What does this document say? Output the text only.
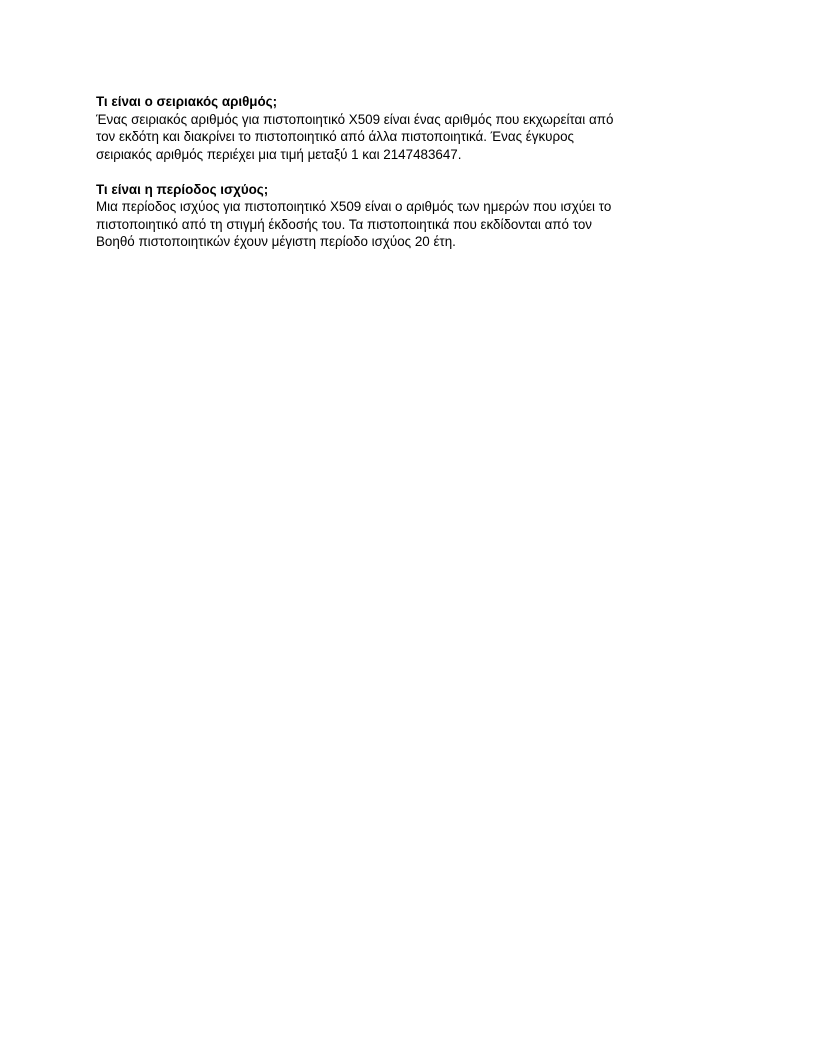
Τι είναι ο σειριακός αριθμός;

Ένας σειριακός αριθμός για πιστοποιητικό X509 είναι ένας αριθμός που εκχωρείται από
τον εκδότη και διακρίνει το πιστοποιητικό από άλλα πιστοποιητικά. Ένας έγκυρος
σειριακός αριθμός περιέχει μια τιμή μεταξύ 1 και 2147483647.

Τι είναι η περίοδος ισχύος;

Μια περίοδος ισχύος για πιστοποιητικό X509 είναι ο αριθμός των ημερών που ισχύει το
πιστοποιητικό από τη στιγμή έκδοσής του. Τα πιστοποιητικά που εκδίδονται από τον
Βοηθό πιστοποιητικών έχουν μέγιστη περίοδο ισχύος 20 έτη.
